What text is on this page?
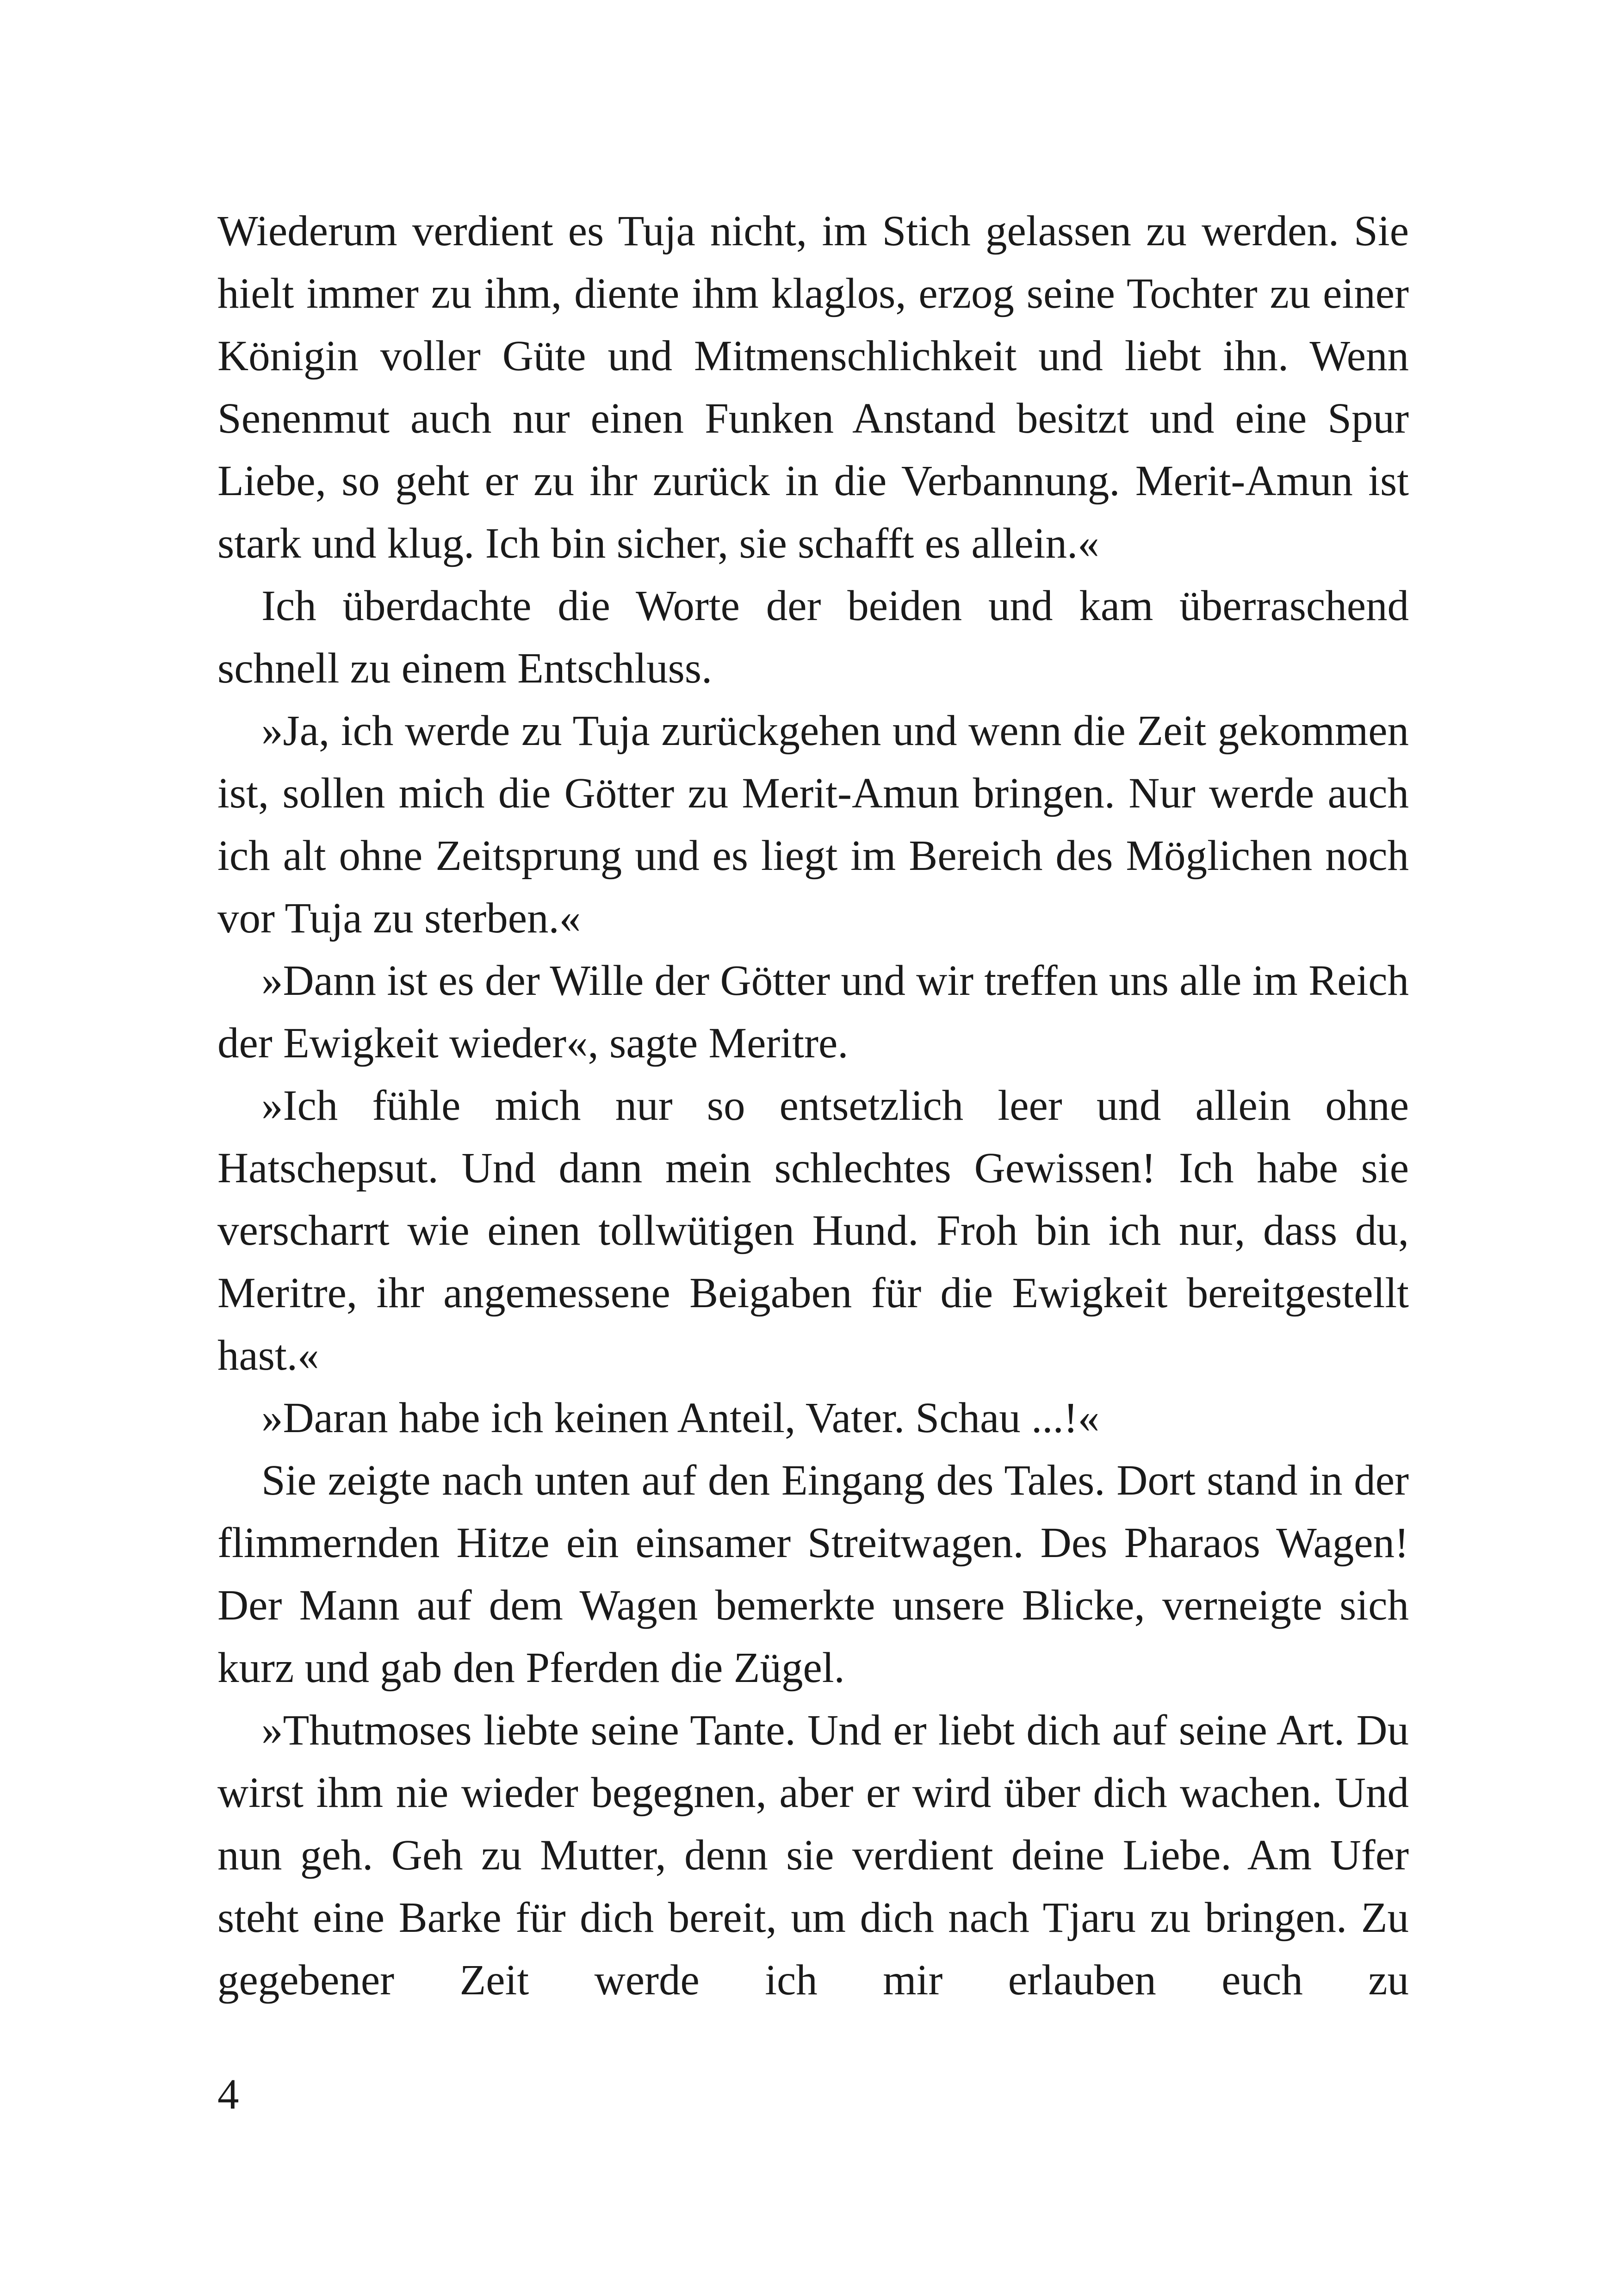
Wiederum verdient es Tuja nicht, im Stich gelassen zu werden. Sie hielt immer zu ihm, diente ihm klaglos, erzog seine Tochter zu einer Königin voller Güte und Mitmenschlichkeit und liebt ihn. Wenn Senenmut auch nur einen Funken Anstand besitzt und eine Spur Liebe, so geht er zu ihr zurück in die Verbannung. Merit-Amun ist stark und klug. Ich bin sicher, sie schafft es allein.«

Ich überdachte die Worte der beiden und kam überraschend schnell zu einem Entschluss.

»Ja, ich werde zu Tuja zurückgehen und wenn die Zeit gekommen ist, sollen mich die Götter zu Merit-Amun bringen. Nur werde auch ich alt ohne Zeitsprung und es liegt im Bereich des Möglichen noch vor Tuja zu sterben.«

»Dann ist es der Wille der Götter und wir treffen uns alle im Reich der Ewigkeit wieder«, sagte Meritre.

»Ich fühle mich nur so entsetzlich leer und allein ohne Hatschepsut. Und dann mein schlechtes Gewissen! Ich habe sie verscharrt wie einen tollwütigen Hund. Froh bin ich nur, dass du, Meritre, ihr angemessene Beigaben für die Ewigkeit bereitgestellt hast.«

»Daran habe ich keinen Anteil, Vater. Schau ...!«

Sie zeigte nach unten auf den Eingang des Tales. Dort stand in der flimmernden Hitze ein einsamer Streitwagen. Des Pharaos Wagen! Der Mann auf dem Wagen bemerkte unsere Blicke, verneigte sich kurz und gab den Pferden die Zügel.

»Thutmoses liebte seine Tante. Und er liebt dich auf seine Art. Du wirst ihm nie wieder begegnen, aber er wird über dich wachen. Und nun geh. Geh zu Mutter, denn sie verdient deine Liebe. Am Ufer steht eine Barke für dich bereit, um dich nach Tjaru zu bringen. Zu gegebener Zeit werde ich mir erlauben euch zu

4
